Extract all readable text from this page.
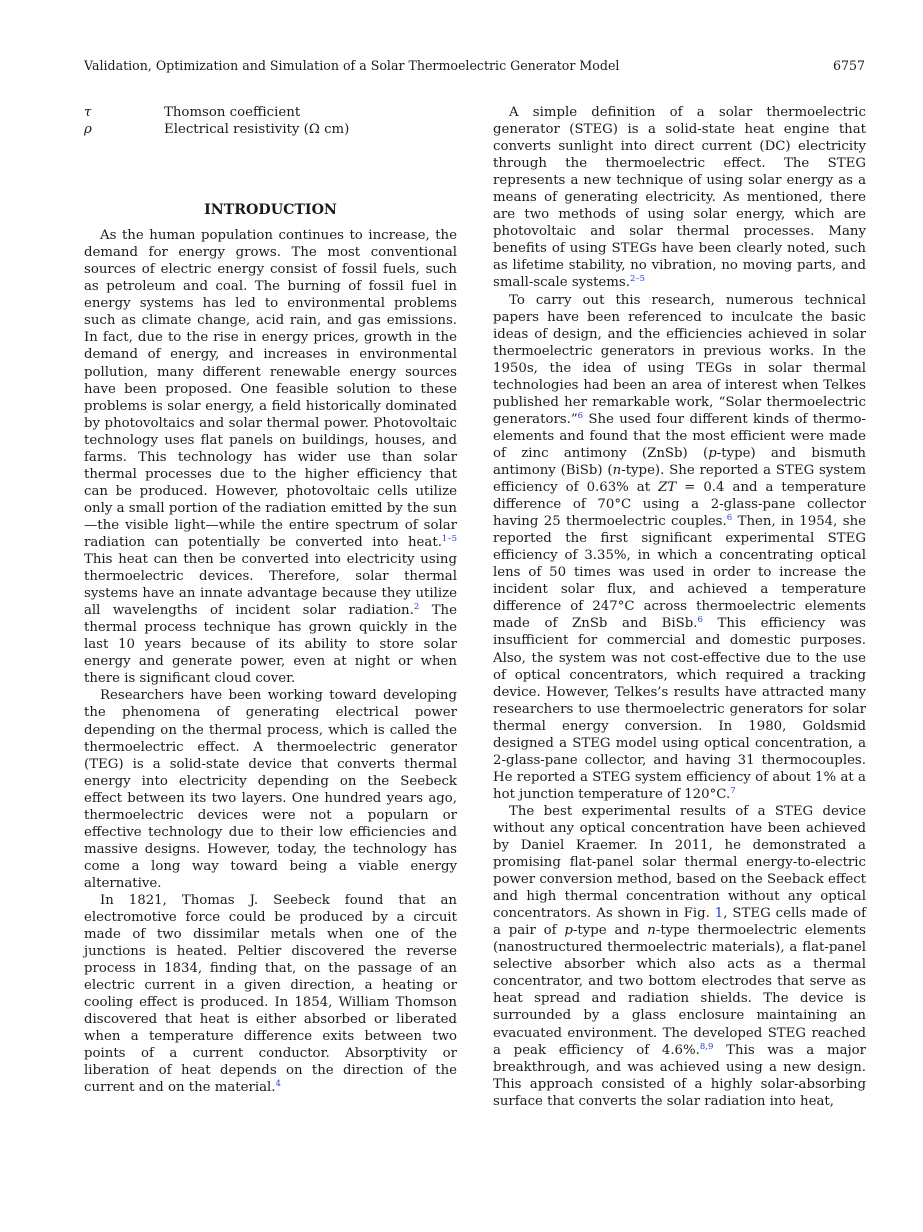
Validation, Optimization and Simulation of a Solar Thermoelectric Generator Model	6757
τ	Thomson coefficient
ρ	Electrical resistivity (Ω cm)
INTRODUCTION

As the human population continues to increase, the demand for energy grows. The most conventional sources of electric energy consist of fossil fuels, such as petroleum and coal. The burning of fossil fuel in energy systems has led to environmental problems such as climate change, acid rain, and gas emissions. In fact, due to the rise in energy prices, growth in the demand of energy, and increases in environmental pollution, many different renewable energy sources have been proposed. One feasible solution to these problems is solar energy, a field historically dominated by photovoltaics and solar thermal power. Photovoltaic technology uses flat panels on buildings, houses, and farms. This technology has wider use than solar thermal processes due to the higher efficiency that can be produced. However, photovoltaic cells utilize only a small portion of the radiation emitted by the sun—the visible light—while the entire spectrum of solar radiation can potentially be converted into heat.$^{1-5}$ This heat can then be converted into electricity using thermoelectric devices. Therefore, solar thermal systems have an innate advantage because they utilize all wavelengths of incident solar radiation.$^2$ The thermal process technique has grown quickly in the last 10 years because of its ability to store solar energy and generate power, even at night or when there is significant cloud cover.

Researchers have been working toward developing the phenomena of generating electrical power depending on the thermal process, which is called the thermoelectric effect. A thermoelectric generator (TEG) is a solid-state device that converts thermal energy into electricity depending on the Seebeck effect between its two layers. One hundred years ago, thermoelectric devices were not a popularn or effective technology due to their low efficiencies and massive designs. However, today, the technology has come a long way toward being a viable energy alternative.

In 1821, Thomas J. Seebeck found that an electromotive force could be produced by a circuit made of two dissimilar metals when one of the junctions is heated. Peltier discovered the reverse process in 1834, finding that, on the passage of an electric current in a given direction, a heating or cooling effect is produced. In 1854, William Thomson discovered that heat is either absorbed or liberated when a temperature difference exits between two points of a current conductor. Absorptivity or liberation of heat depends on the direction of the current and on the material.$^4$

A simple definition of a solar thermoelectric generator (STEG) is a solid-state heat engine that converts sunlight into direct current (DC) electricity through the thermoelectric effect. The STEG represents a new technique of using solar energy as a means of generating electricity. As mentioned, there are two methods of using solar energy, which are photovoltaic and solar thermal processes. Many benefits of using STEGs have been clearly noted, such as lifetime stability, no vibration, no moving parts, and small-scale systems.$^{2-5}$

To carry out this research, numerous technical papers have been referenced to inculcate the basic ideas of design, and the efficiencies achieved in solar thermoelectric generators in previous works. In the 1950s, the idea of using TEGs in solar thermal technologies had been an area of interest when Telkes published her remarkable work, “Solar thermoelectric generators.”$^6$ She used four different kinds of thermo-elements and found that the most efficient were made of zinc antimony (ZnSb) (p-type) and bismuth antimony (BiSb) (n-type). She reported a STEG system efficiency of 0.63% at ZT = 0.4 and a temperature difference of 70°C using a 2-glass-pane collector having 25 thermoelectric couples.$^6$ Then, in 1954, she reported the first significant experimental STEG efficiency of 3.35%, in which a concentrating optical lens of 50 times was used in order to increase the incident solar flux, and achieved a temperature difference of 247°C across thermoelectric elements made of ZnSb and BiSb.$^6$ This efficiency was insufficient for commercial and domestic purposes. Also, the system was not cost-effective due to the use of optical concentrators, which required a tracking device. However, Telkes’s results have attracted many researchers to use thermoelectric generators for solar thermal energy conversion. In 1980, Goldsmid designed a STEG model using optical concentration, a 2-glass-pane collector, and having 31 thermocouples. He reported a STEG system efficiency of about 1% at a hot junction temperature of 120°C.$^7$

The best experimental results of a STEG device without any optical concentration have been achieved by Daniel Kraemer. In 2011, he demonstrated a promising flat-panel solar thermal energy-to-electric power conversion method, based on the Seeback effect and high thermal concentration without any optical concentrators. As shown in Fig. 1, STEG cells made of a pair of p-type and n-type thermoelectric elements (nanostructured thermoelectric materials), a flat-panel selective absorber which also acts as a thermal concentrator, and two bottom electrodes that serve as heat spread and radiation shields. The device is surrounded by a glass enclosure maintaining an evacuated environment. The developed STEG reached a peak efficiency of 4.6%.$^{8,9}$ This was a major breakthrough, and was achieved using a new design. This approach consisted of a highly solar-absorbing surface that converts the solar radiation into heat,
